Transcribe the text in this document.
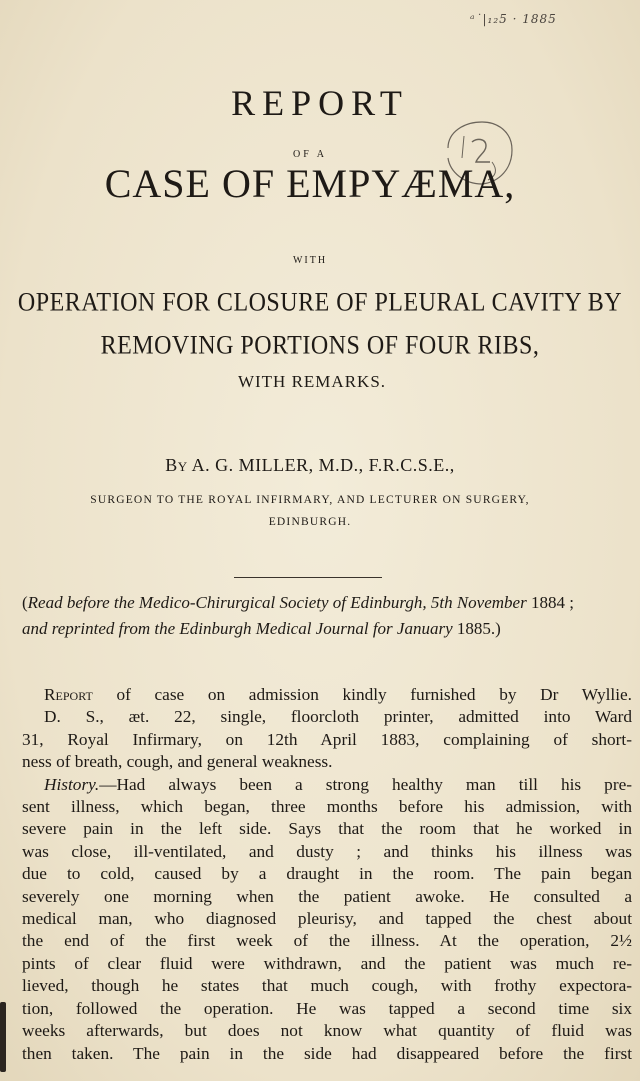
ᵃ˙|₁₂5 · 1885
REPORT
OF A
CASE OF EMPYÆMA,
WITH
OPERATION FOR CLOSURE OF PLEURAL CAVITY BY
REMOVING PORTIONS OF FOUR RIBS,
WITH REMARKS.
By A. G. MILLER, M.D., F.R.C.S.E.,
SURGEON TO THE ROYAL INFIRMARY, AND LECTURER ON SURGERY,
EDINBURGH.
(Read before the Medico-Chirurgical Society of Edinburgh, 5th November 1884 ;
and reprinted from the Edinburgh Medical Journal for January 1885.)
Report of case on admission kindly furnished by Dr Wyllie.
D. S., æt. 22, single, floorcloth printer, admitted into Ward
31, Royal Infirmary, on 12th April 1883, complaining of short-
ness of breath, cough, and general weakness.
History.—Had always been a strong healthy man till his pre-
sent illness, which began, three months before his admission, with
severe pain in the left side. Says that the room that he worked in
was close, ill-ventilated, and dusty ; and thinks his illness was
due to cold, caused by a draught in the room. The pain began
severely one morning when the patient awoke. He consulted a
medical man, who diagnosed pleurisy, and tapped the chest about
the end of the first week of the illness. At the operation, 2½
pints of clear fluid were withdrawn, and the patient was much re-
lieved, though he states that much cough, with frothy expectora-
tion, followed the operation. He was tapped a second time six
weeks afterwards, but does not know what quantity of fluid was
then taken. The pain in the side had disappeared before the first
